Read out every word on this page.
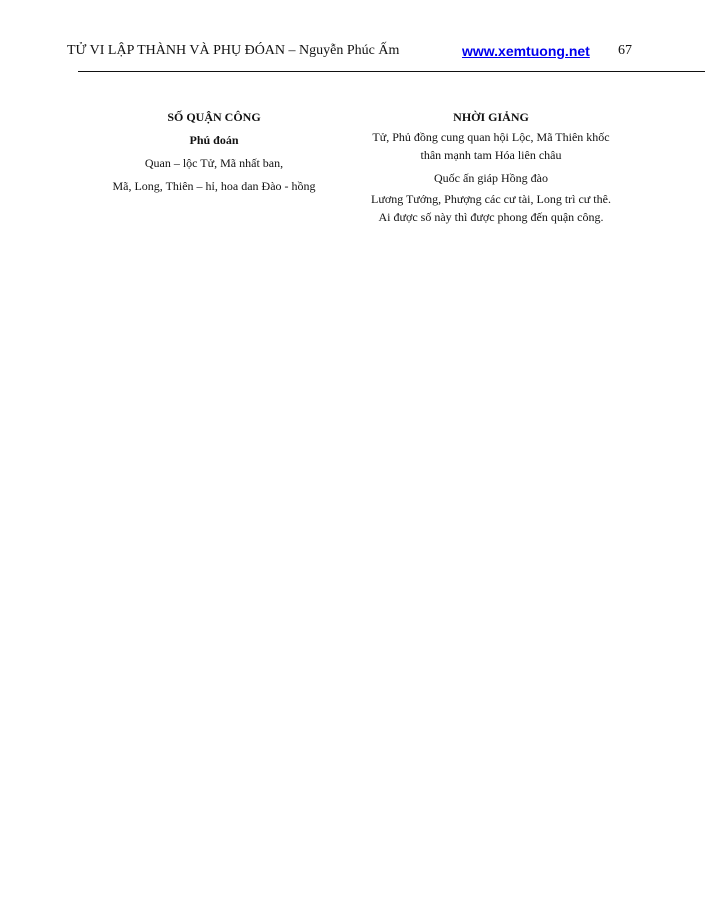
TỬ VI LẬP THÀNH VÀ PHỤ ĐÓAN – Nguyễn Phúc Ấm	www.xemtuong.net 67
SỐ QUẬN CÔNG
Phú đoán
Quan – lộc Tử, Mã nhất ban,
Mã, Long, Thiên – hỉ, hoa dan Đào - hồng
NHỜI GIẢNG
Tử, Phủ đồng cung quan hội Lộc, Mã Thiên khốc
thân mạnh tam Hóa liên châu
Quốc ấn giáp Hồng đào
Lương Tướng, Phượng các cư tài, Long trì cư thê.
Ai được số này thì được phong đến quận công.
